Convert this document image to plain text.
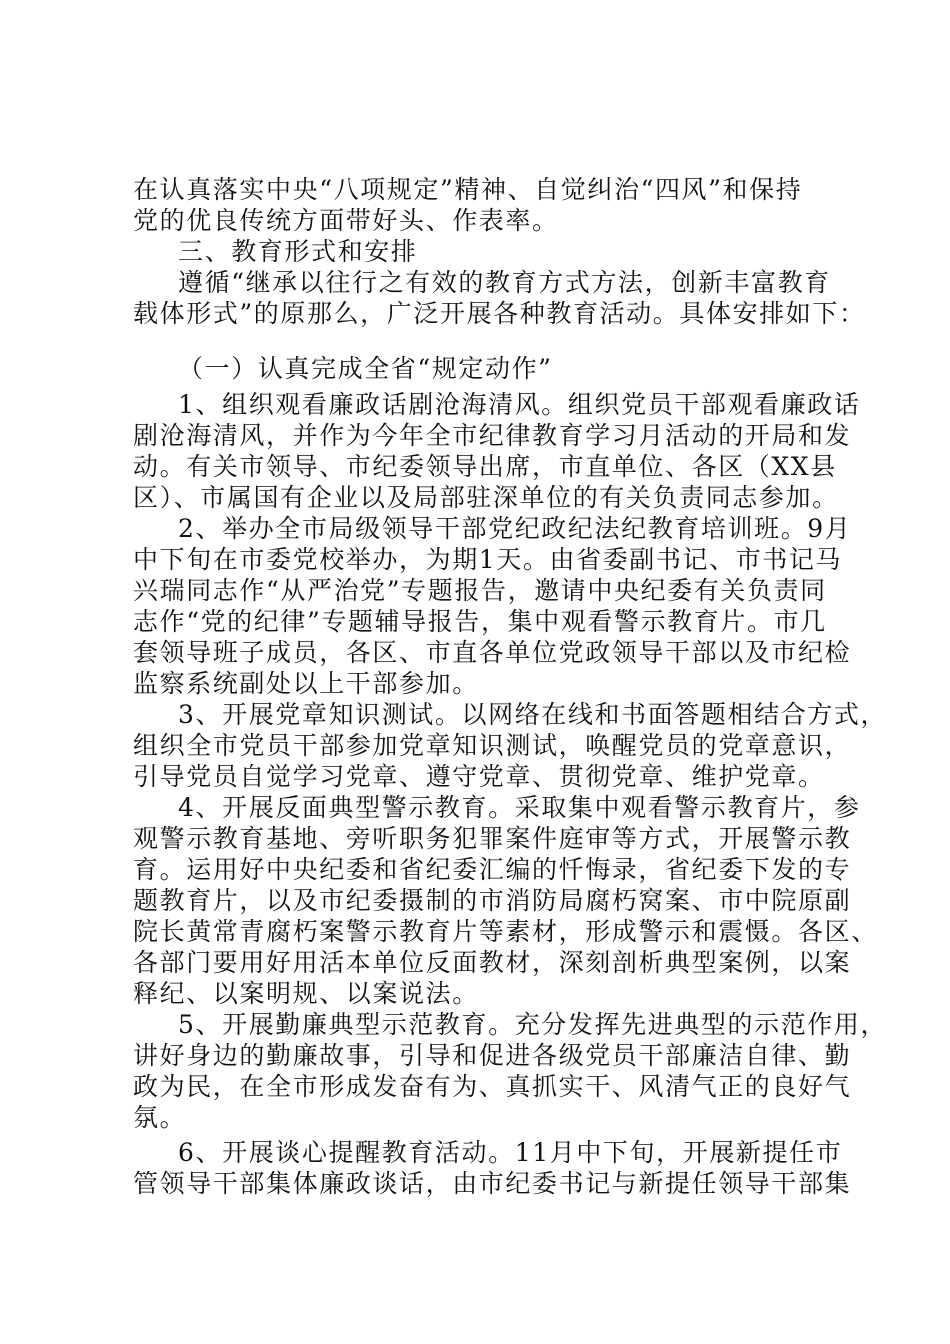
在认真落实中央“八项规定”精神、自觉纠治“四风”和保持
党的优良传统方面带好头、作表率。
三、教育形式和安排
遵循“继承以往行之有效的教育方式方法，创新丰富教育
载体形式”的原那么，广泛开展各种教育活动。具体安排如下：
（一）认真完成全省“规定动作”
1、组织观看廉政话剧沧海清风。组织党员干部观看廉政话
剧沧海清风，并作为今年全市纪律教育学习月活动的开局和发
动。有关市领导、市纪委领导出席，市直单位、各区（XX县
区）、市属国有企业以及局部驻深单位的有关负责同志参加。
2、举办全市局级领导干部党纪政纪法纪教育培训班。9月
中下旬在市委党校举办，为期1天。由省委副书记、市书记马
兴瑞同志作“从严治党”专题报告，邀请中央纪委有关负责同
志作“党的纪律”专题辅导报告，集中观看警示教育片。市几
套领导班子成员，各区、市直各单位党政领导干部以及市纪检
监察系统副处以上干部参加。
3、开展党章知识测试。以网络在线和书面答题相结合方式，
组织全市党员干部参加党章知识测试，唤醒党员的党章意识，
引导党员自觉学习党章、遵守党章、贯彻党章、维护党章。
4、开展反面典型警示教育。采取集中观看警示教育片，参
观警示教育基地、旁听职务犯罪案件庭审等方式，开展警示教
育。运用好中央纪委和省纪委汇编的忏悔录，省纪委下发的专
题教育片，以及市纪委摄制的市消防局腐朽窝案、市中院原副
院长黄常青腐朽案警示教育片等素材，形成警示和震慑。各区、
各部门要用好用活本单位反面教材，深刻剖析典型案例，以案
释纪、以案明规、以案说法。
5、开展勤廉典型示范教育。充分发挥先进典型的示范作用，
讲好身边的勤廉故事，引导和促进各级党员干部廉洁自律、勤
政为民，在全市形成发奋有为、真抓实干、风清气正的良好气
氛。
6、开展谈心提醒教育活动。11月中下旬，开展新提任市
管领导干部集体廉政谈话，由市纪委书记与新提任领导干部集
